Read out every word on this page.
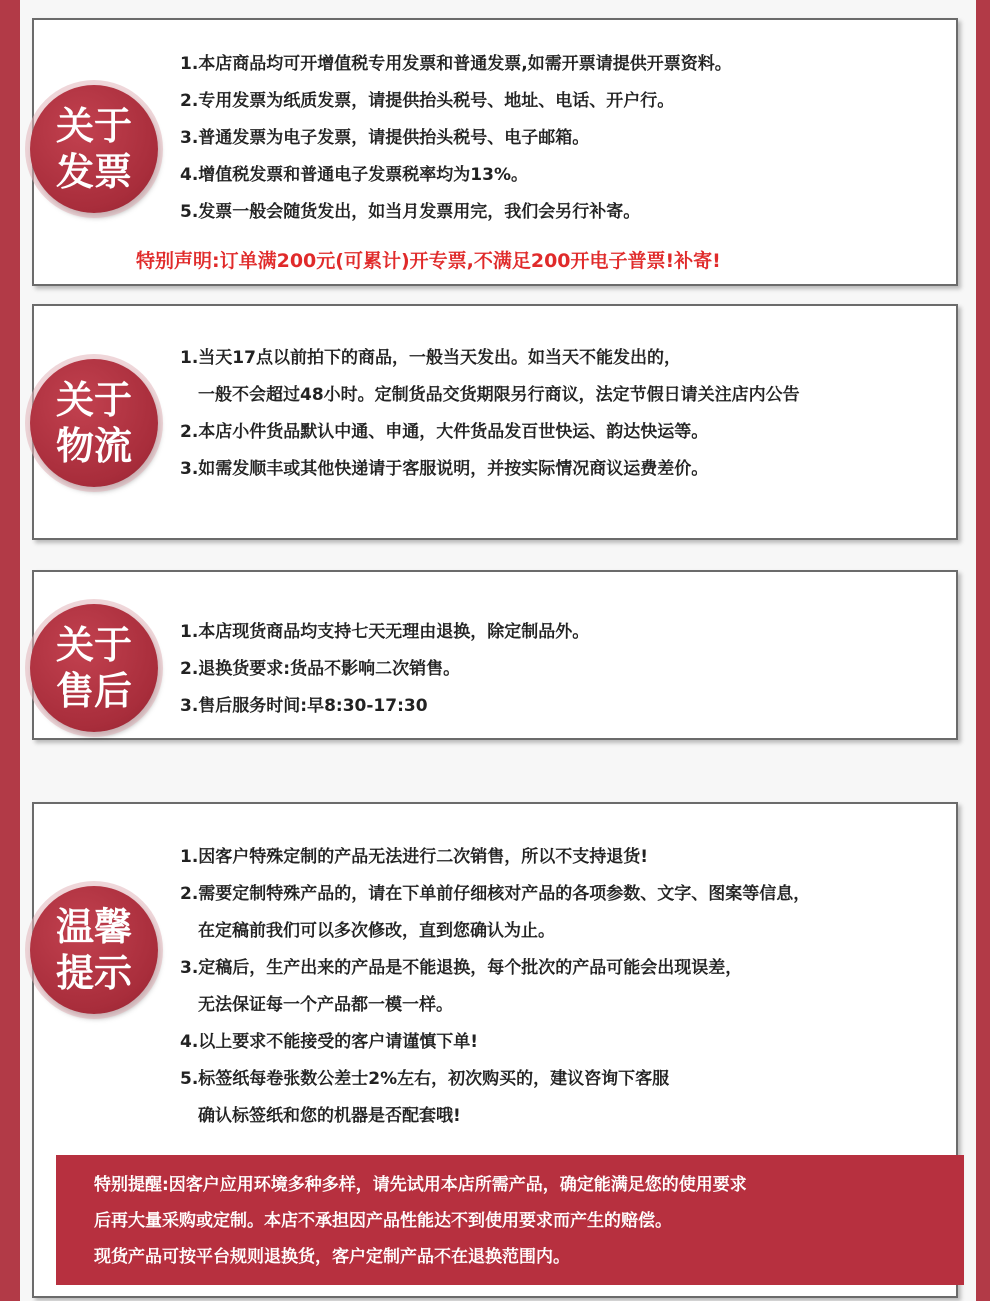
1.本店商品均可开增值税专用发票和普通发票,如需开票请提供开票资料。
2.专用发票为纸质发票，请提供抬头税号、地址、电话、开户行。
3.普通发票为电子发票，请提供抬头税号、电子邮箱。
4.增值税发票和普通电子发票税率均为13%。
5.发票一般会随货发出，如当月发票用完，我们会另行补寄。
特别声明:订单满200元(可累计)开专票,不满足200开电子普票!补寄!
关于
发票
1.当天17点以前拍下的商品，一般当天发出。如当天不能发出的，
一般不会超过48小时。定制货品交货期限另行商议，法定节假日请关注店内公告
2.本店小件货品默认中通、申通，大件货品发百世快运、韵达快运等。
3.如需发顺丰或其他快递请于客服说明，并按实际情况商议运费差价。
关于
物流
1.本店现货商品均支持七天无理由退换，除定制品外。
2.退换货要求:货品不影响二次销售。
3.售后服务时间:早8:30-17:30
关于
售后
1.因客户特殊定制的产品无法进行二次销售，所以不支持退货!
2.需要定制特殊产品的，请在下单前仔细核对产品的各项参数、文字、图案等信息，
在定稿前我们可以多次修改，直到您确认为止。
3.定稿后，生产出来的产品是不能退换，每个批次的产品可能会出现误差，
无法保证每一个产品都一模一样。
4.以上要求不能接受的客户请谨慎下单!
5.标签纸每卷张数公差士2%左右，初次购买的，建议咨询下客服
确认标签纸和您的机器是否配套哦!
特别提醒:因客户应用环境多种多样，请先试用本店所需产品，确定能满足您的使用要求
后再大量采购或定制。本店不承担因产品性能达不到使用要求而产生的赔偿。
现货产品可按平台规则退换货，客户定制产品不在退换范围内。
温馨
提示
